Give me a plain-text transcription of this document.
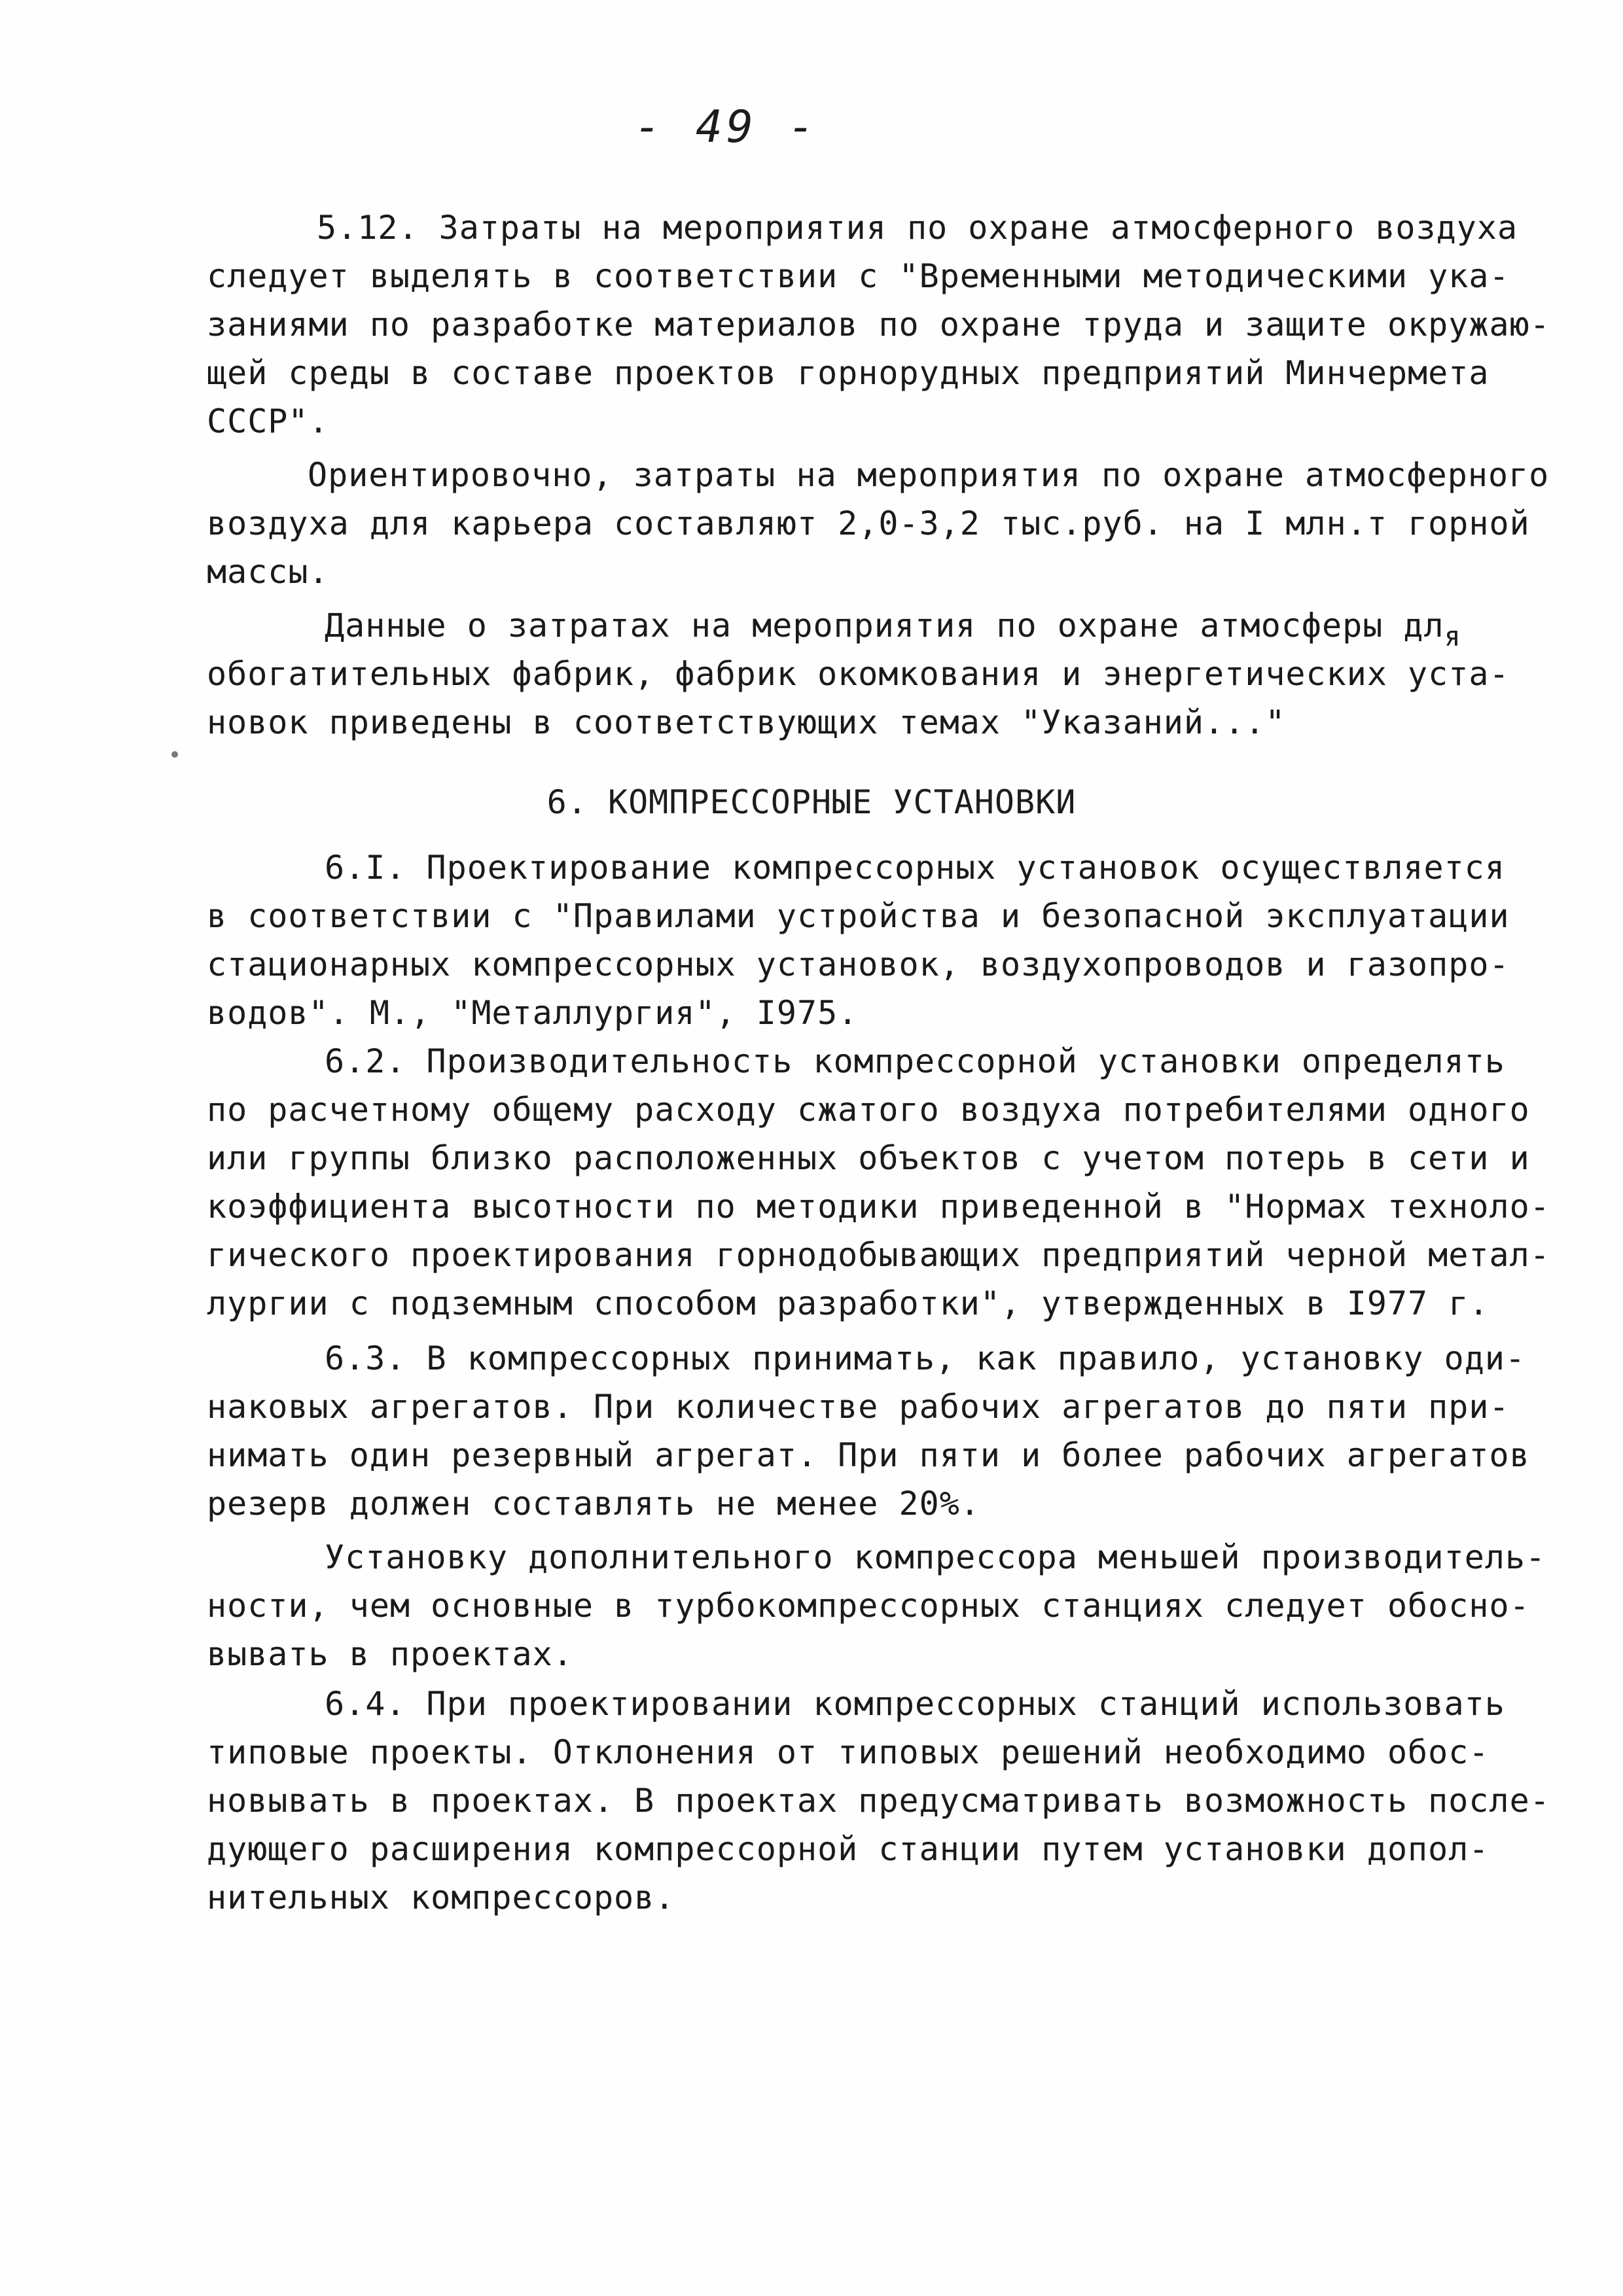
- 49 -
5.12. Затраты на мероприятия по охране атмосферного воздуха
следует выделять в соответствии с "Временными методическими ука-
заниями по разработке материалов по охране труда и защите окружаю-
щей среды в составе проектов горнорудных предприятий Минчермета
СССР".
Ориентировочно, затраты на мероприятия по охране атмосферного
воздуха для карьера составляют 2,0-3,2 тыс.руб. на I млн.т горной
массы.
Данные о затратах на мероприятия по охране атмосферы $дл_я$
обогатительных фабрик, фабрик окомкования и энергетических уста-
новок приведены в соответствующих темах "Указаний..."
6. КОМПРЕССОРНЫЕ УСТАНОВКИ
6.I. Проектирование компрессорных установок осуществляется
в соответствии с "Правилами устройства и безопасной эксплуатации
стационарных компрессорных установок, воздухопроводов и газопро-
водов". М., "Металлургия", I975.
6.2. Производительность компрессорной установки определять
по расчетному общему расходу сжатого воздуха потребителями одного
или группы близко расположенных объектов с учетом потерь в сети и
коэффициента высотности по методики приведенной в "Нормах техноло-
гического проектирования горнодобывающих предприятий черной метал-
лургии с подземным способом разработки", утвержденных в I977 г.
6.3. В компрессорных принимать, как правило, установку оди-
наковых агрегатов. При количестве рабочих агрегатов до пяти при-
нимать один резервный агрегат. При пяти и более рабочих агрегатов
резерв должен составлять не менее 20%.
Установку дополнительного компрессора меньшей производитель-
ности, чем основные в турбокомпрессорных станциях следует обосно-
вывать в проектах.
6.4. При проектировании компрессорных станций использовать
типовые проекты. Отклонения от типовых решений необходимо обос-
новывать в проектах. В проектах предусматривать возможность после-
дующего расширения компрессорной станции путем установки допол-
нительных компрессоров.
